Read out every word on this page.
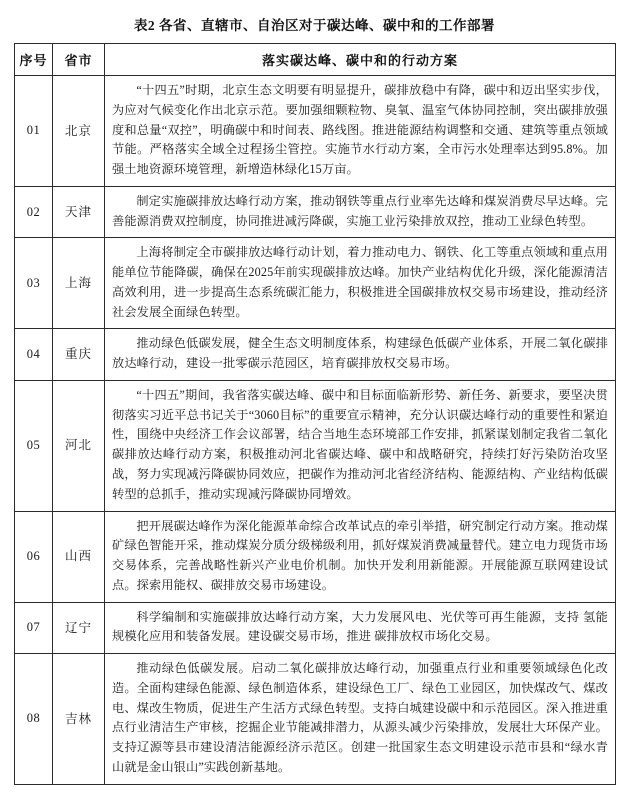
表2 各省、直辖市、自治区对于碳达峰、碳中和的工作部署
序号	省市	落实碳达峰、碳中和的行动方案
01	北京	“十四五”时期，北京生态文明要有明显提升，碳排放稳中有降，碳中和迈出坚实步伐，为应对气候变化作出北京示范。要加强细颗粒物、臭氧、温室气体协同控制，突出碳排放强度和总量“双控”，明确碳中和时间表、路线图。推进能源结构调整和交通、建筑等重点领域节能。严格落实全域全过程扬尘管控。实施节水行动方案，全市污水处理率达到95.8%。加强土地资源环境管理，新增造林绿化15万亩。

02	天津	制定实施碳排放达峰行动方案，推动钢铁等重点行业率先达峰和煤炭消费尽早达峰。完善能源消费双控制度，协同推进减污降碳，实施工业污染排放双控，推动工业绿色转型。

03	上海	上海将制定全市碳排放达峰行动计划，着力推动电力、钢铁、化工等重点领域和重点用能单位节能降碳，确保在2025年前实现碳排放达峰。加快产业结构优化升级，深化能源清洁高效利用，进一步提高生态系统碳汇能力，积极推进全国碳排放权交易市场建设，推动经济社会发展全面绿色转型。

04	重庆	推动绿色低碳发展，健全生态文明制度体系，构建绿色低碳产业体系，开展二氧化碳排放达峰行动，建设一批零碳示范园区，培育碳排放权交易市场。

05	河北	“十四五”期间，我省落实碳达峰、碳中和目标面临新形势、新任务、新要求，要坚决贯彻落实习近平总书记关于“3060目标”的重要宣示精神，充分认识碳达峰行动的重要性和紧迫性，围绕中央经济工作会议部署，结合当地生态环境部工作安排，抓紧谋划制定我省二氧化碳排放达峰行动方案，积极推动河北省碳达峰、碳中和战略研究，持续打好污染防治攻坚战，努力实现减污降碳协同效应，把碳作为推动河北省经济结构、能源结构、产业结构低碳转型的总抓手，推动实现减污降碳协同增效。

06	山西	把开展碳达峰作为深化能源革命综合改革试点的牵引举措，研究制定行动方案。推动煤矿绿色智能开采，推动煤炭分质分级梯级利用，抓好煤炭消费减量替代。建立电力现货市场交易体系，完善战略性新兴产业电价机制。加快开发利用新能源。开展能源互联网建设试点。探索用能权、碳排放交易市场建设。

07	辽宁	科学编制和实施碳排放达峰行动方案，大力发展风电、光伏等可再生能源，支持 氢能规模化应用和装备发展。建设碳交易市场，推进 碳排放权市场化交易。

08	吉林	推动绿色低碳发展。启动二氧化碳排放达峰行动，加强重点行业和重要领域绿色化改造。全面构建绿色能源、绿色制造体系，建设绿色工厂、绿色工业园区，加快煤改气、煤改电、煤改生物质，促进生产生活方式绿色转型。支持白城建设碳中和示范园区。深入推进重点行业清洁生产审核，挖掘企业节能减排潜力，从源头减少污染排放，发展壮大环保产业。支持辽源等县市建设清洁能源经济示范区。创建一批国家生态文明建设示范市县和“绿水青山就是金山银山”实践创新基地。
